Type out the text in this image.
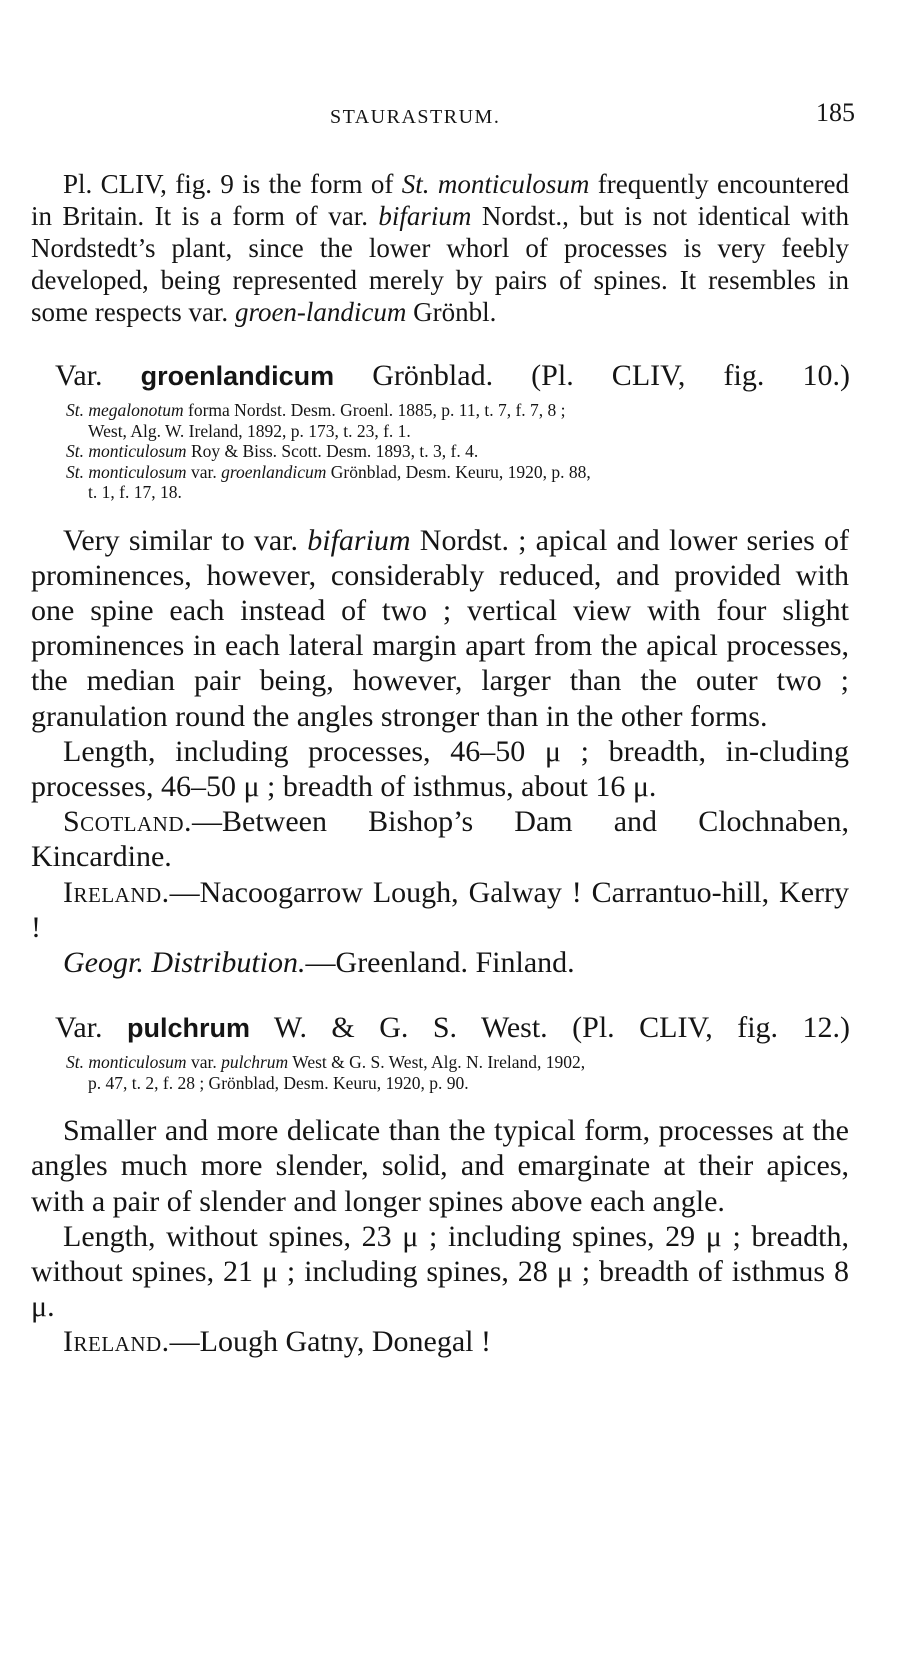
STAURASTRUM.	185

Pl. CLIV, fig. 9 is the form of St. monticulosum frequently encountered in Britain. It is a form of var. bifarium Nordst., but is not identical with Nordstedt’s plant, since the lower whorl of processes is very feebly developed, being represented merely by pairs of spines. It resembles in some respects var. groen-landicum Grönbl.

Var. groenlandicum Grönblad. (Pl. CLIV, fig. 10.)

St. megalonotum forma Nordst. Desm. Groenl. 1885, p. 11, t. 7, f. 7, 8 ;
West, Alg. W. Ireland, 1892, p. 173, t. 23, f. 1.

St. monticulosum Roy & Biss. Scott. Desm. 1893, t. 3, f. 4.

St. monticulosum var. groenlandicum Grönblad, Desm. Keuru, 1920, p. 88,
t. 1, f. 17, 18.

Very similar to var. bifarium Nordst. ; apical and lower series of prominences, however, considerably reduced, and provided with one spine each instead of two ; vertical view with four slight prominences in each lateral margin apart from the apical processes, the median pair being, however, larger than the outer two ; granulation round the angles stronger than in the other forms.

Length, including processes, 46–50 μ ; breadth, in-cluding processes, 46–50 μ ; breadth of isthmus, about 16 μ.

Scotland.—Between Bishop’s Dam and Clochnaben, Kincardine.

Ireland.—Nacoogarrow Lough, Galway ! Carrantuo-hill, Kerry !

Geogr. Distribution.—Greenland. Finland.

Var. pulchrum W. & G. S. West. (Pl. CLIV, fig. 12.)

St. monticulosum var. pulchrum West & G. S. West, Alg. N. Ireland, 1902,
p. 47, t. 2, f. 28 ; Grönblad, Desm. Keuru, 1920, p. 90.

Smaller and more delicate than the typical form, processes at the angles much more slender, solid, and emarginate at their apices, with a pair of slender and longer spines above each angle.

Length, without spines, 23 μ ; including spines, 29 μ ; breadth, without spines, 21 μ ; including spines, 28 μ ; breadth of isthmus 8 μ.

Ireland.—Lough Gatny, Donegal !
